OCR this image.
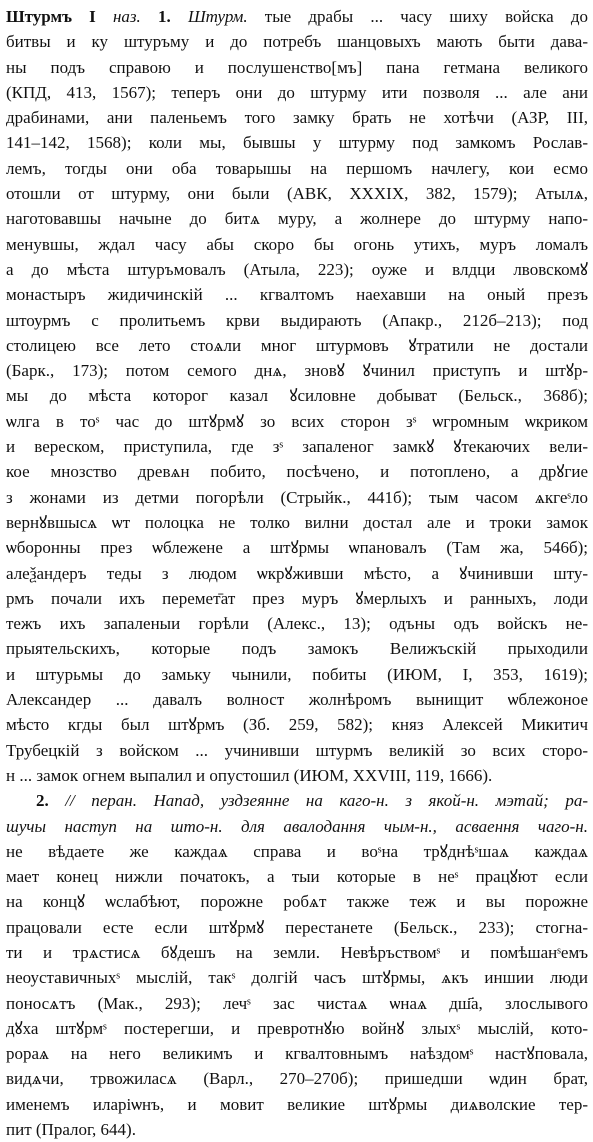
Штурмъ I наз. 1. Штурм. тые драбы ... часу шиху войска до
битвы и ку штуръму и до потребъ шанцовыхъ мають быти дава-
ны подъ справою и послушенство[мъ] пана гетмана великого
(КПД, 413, 1567); теперъ они до штурму ити позволя ... але ани
драбинами, ани паленьемъ того замку брать не хотѣчи (АЗР, III,
141–142, 1568); коли мы, бывшы у штурму под замкомъ Рослав-
лемъ, тогды они оба товарышы на першомъ начлегу, кои есмо
отошли от штурму, они были (АВК, XXXIX, 382, 1579); Атылѧ,
наготовавшы начыне до битѧ муру, а жолнере до штурму напо-
менувшы, ждал часу абы скоро бы огонь утихъ, муръ ломалъ
а до мѣста штуръмовалъ (Атыла, 223); оуже и влдци лвовскомꙋ
монастыръ жидичинскій ... кгвалтомъ наехавши на оный презъ
штоурмъ с пролитьемъ крви выдирають (Апакр., 212б–213); под
столицею все лето стоѧли мног штурмовъ ꙋтратили не достали
(Барк., 173); потом семого днѧ, зновꙋ ꙋчинил приступъ и штꙋр-
мы до мѣста которог казал ꙋсиловне добыват (Бельск., 368б);
ѡлга в тоˢ час до штꙋрмꙋ зо всих сторон зˢ ѡгромным ѡкриком
и вереском, приступила, где зˢ запаленог замкꙋ ꙋтекаючих вели-
кое мнозство древѧн побито, посѣчено, и потоплено, а дрꙋгие
з жонами из детми погорѣли (Стрыйк., 441б); тым часом ѧкгеˢло
вернꙋвшысѧ ѡт полоцка не толко вилни достал але и троки замок
ѡборонны през ѡблежене а штꙋрмы ѡпановалъ (Там жа, 546б);
алеѯандеръ теды з людом ѡкрꙋживши мѣсто, а ꙋчинивши шту-
рмъ почали ихъ перемет̄ат през муръ ꙋмерлыхъ и ранныхъ, лоди
тежъ ихъ запаленыи горѣли (Алекс., 13); одъны одъ войскъ не-
прыятельскихъ, которые подъ замокъ Велижъскій прыходили
и штурьмы до замьку чынили, побиты (ИЮМ, I, 353, 1619);
Александер ... давалъ волност жолнѣромъ вынищит ѡблежоное
мѣсто кгды был штꙋрмъ (Зб. 259, 582); княз Алексей Микитич
Трубецкій з войском ... учинивши штурмъ великій зо всих сторо-
н ... замок огнем выпалил и опустошил (ИЮМ, XXVIII, 119, 1666).
2. // перан. Напад, уздзеянне на каго-н. з якой-н. мэтай; ра-
шучы наступ на што-н. для авалодання чым-н., асваення чаго-н.
не вѣдаете же каждаѧ справа и воˢна трꙋднѣˢшаѧ каждаѧ
мает конец нижли початокъ, а тыи которые в неˢ працꙋют если
на концꙋ ѡслабѣют, порожне робѧт также теж и вы порожне
працовали есте если штꙋрмꙋ перестанете (Бельск., 233); стогна-
ти и трѧстисѧ бꙋдешъ на земли. Невѣръствомˢ и помѣшанˢемъ
неоуставичныхˢ мыслій, такˢ долгій часъ штꙋрмы, ѧкъ иншии люди
поносѧтъ (Мак., 293); лечˢ зас чистаѧ ѡнаѧ дш҃а, злослывого
дꙋха штꙋрмˢ постерегши, и превротнꙋю войнꙋ злыхˢ мыслій, кото-
рораѧ на него великимъ и кгвалтовнымъ наѣздомˢ настꙋповала,
видѧчи, трвожиласѧ (Варл., 270–270б); пришедши ѡдин брат,
именемъ иларіѡнъ, и мовит великие штꙋрмы диѧволские тер-
пит (Пралог, 644).
